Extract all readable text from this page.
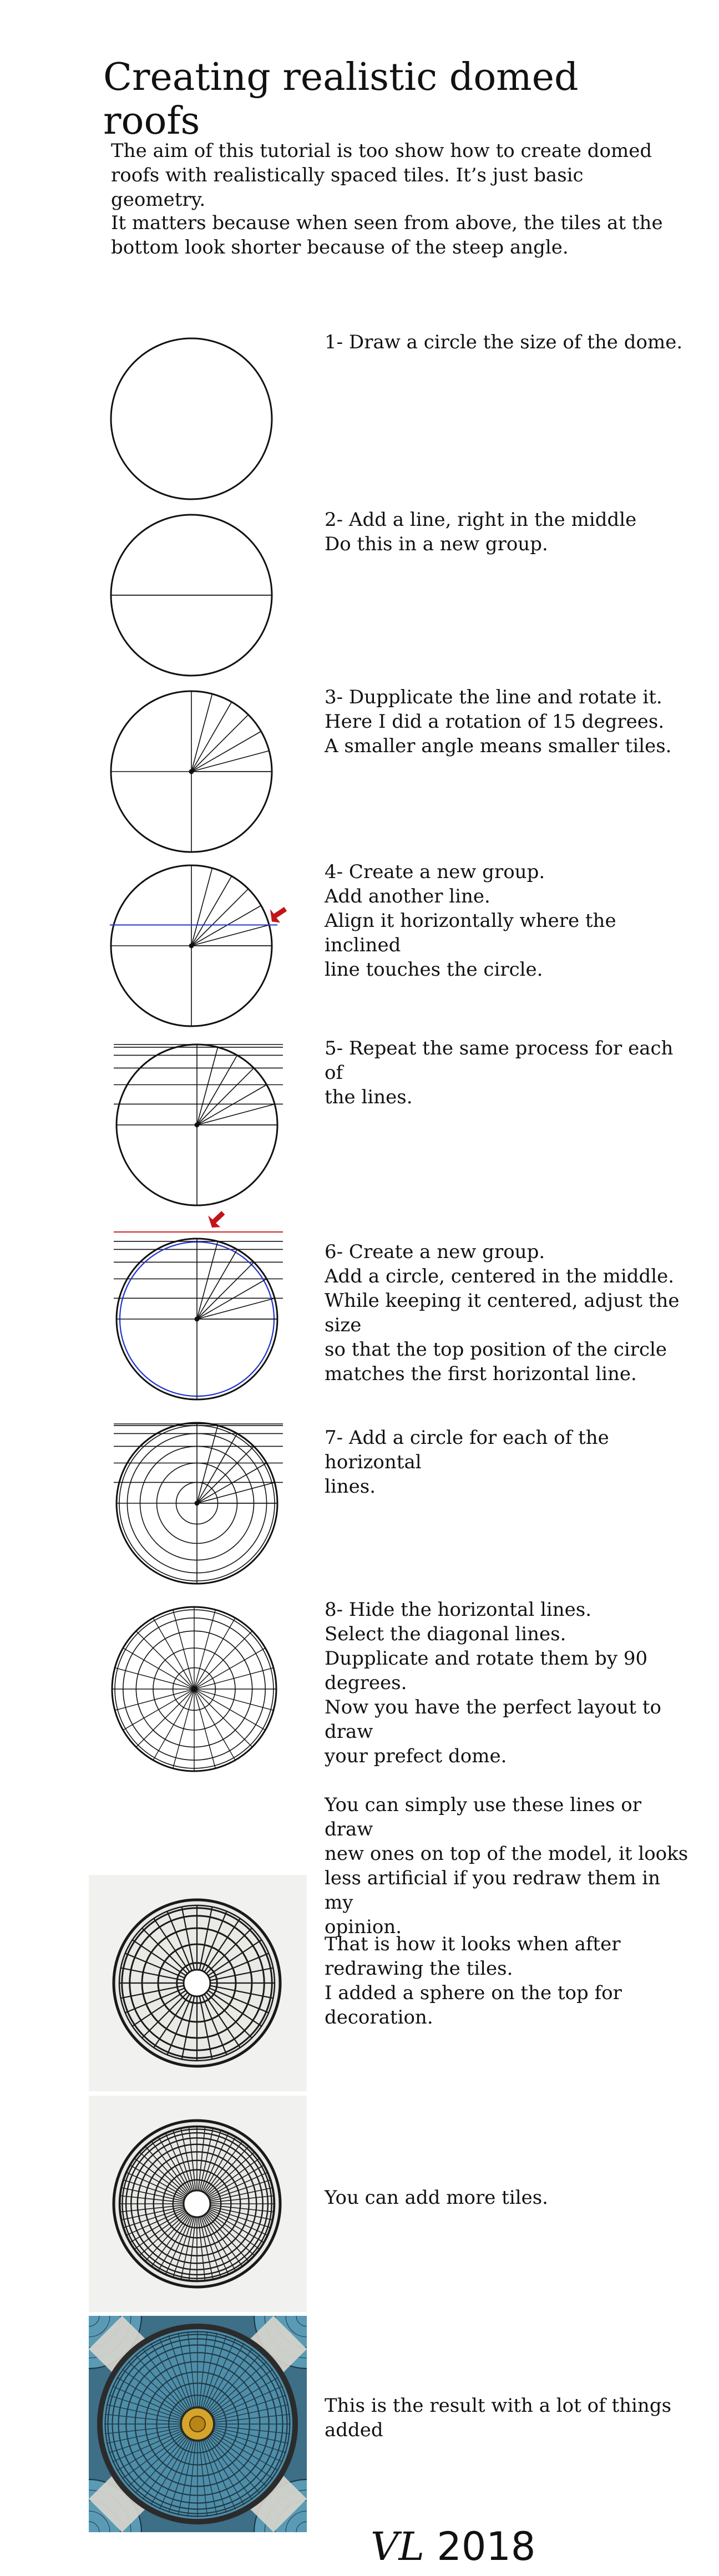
Creating realistic domed roofs
The aim of this tutorial is too show how to create domed
roofs with realistically spaced tiles. It’s just basic geometry.
It matters because when seen from above, the tiles at the
bottom look shorter because of the steep angle.
1- Draw a circle the size of the dome.
2- Add a line, right in the middle
Do this in a new group.
3- Dupplicate the line and rotate it.
Here I did a rotation of 15 degrees.
A smaller angle means smaller tiles.
4- Create a new group.
Add another line.
Align it horizontally where the inclined
line touches the circle.
5- Repeat the same process for each of
the lines.
6- Create a new group.
Add a circle, centered in the middle.
While keeping it centered, adjust the size
so that the top position of the circle
matches the first horizontal line.
7- Add a circle for each of the horizontal
lines.
8- Hide the horizontal lines.
Select the diagonal lines.
Dupplicate and rotate them by 90
degrees.
Now you have the perfect layout to draw
your prefect dome.

You can simply use these lines or draw
new ones on top of the model, it looks
less artificial if you redraw them in my
opinion.
That is how it looks when after
redrawing the tiles.
I added a sphere on the top for
decoration.
You can add more tiles.
This is the result with a lot of things
added
VL 2018
